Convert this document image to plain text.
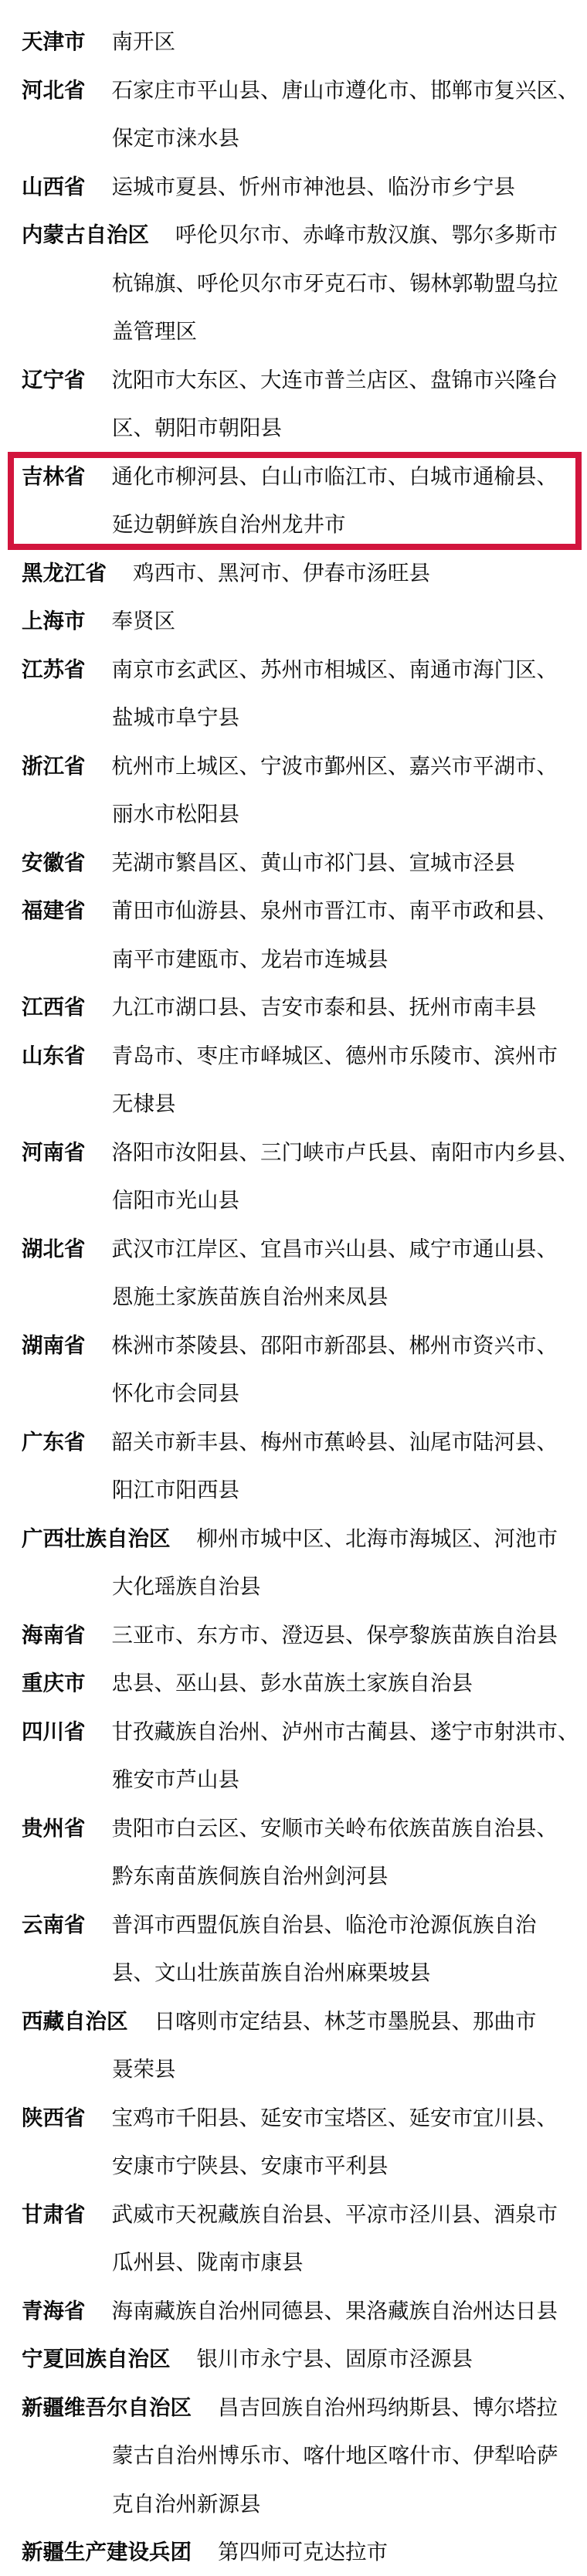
天津市 南开区
河北省 石家庄市平山县、唐山市遵化市、邯郸市复兴区、
保定市涞水县
山西省 运城市夏县、忻州市神池县、临汾市乡宁县
内蒙古自治区 呼伦贝尔市、赤峰市敖汉旗、鄂尔多斯市
杭锦旗、呼伦贝尔市牙克石市、锡林郭勒盟乌拉
盖管理区
辽宁省 沈阳市大东区、大连市普兰店区、盘锦市兴隆台
区、朝阳市朝阳县
吉林省 通化市柳河县、白山市临江市、白城市通榆县、
延边朝鲜族自治州龙井市
黑龙江省 鸡西市、黑河市、伊春市汤旺县
上海市 奉贤区
江苏省 南京市玄武区、苏州市相城区、南通市海门区、
盐城市阜宁县
浙江省 杭州市上城区、宁波市鄞州区、嘉兴市平湖市、
丽水市松阳县
安徽省 芜湖市繁昌区、黄山市祁门县、宣城市泾县
福建省 莆田市仙游县、泉州市晋江市、南平市政和县、
南平市建瓯市、龙岩市连城县
江西省 九江市湖口县、吉安市泰和县、抚州市南丰县
山东省 青岛市、枣庄市峄城区、德州市乐陵市、滨州市
无棣县
河南省 洛阳市汝阳县、三门峡市卢氏县、南阳市内乡县、
信阳市光山县
湖北省 武汉市江岸区、宜昌市兴山县、咸宁市通山县、
恩施土家族苗族自治州来凤县
湖南省 株洲市茶陵县、邵阳市新邵县、郴州市资兴市、
怀化市会同县
广东省 韶关市新丰县、梅州市蕉岭县、汕尾市陆河县、
阳江市阳西县
广西壮族自治区 柳州市城中区、北海市海城区、河池市
大化瑶族自治县
海南省 三亚市、东方市、澄迈县、保亭黎族苗族自治县
重庆市 忠县、巫山县、彭水苗族土家族自治县
四川省 甘孜藏族自治州、泸州市古蔺县、遂宁市射洪市、
雅安市芦山县
贵州省 贵阳市白云区、安顺市关岭布依族苗族自治县、
黔东南苗族侗族自治州剑河县
云南省 普洱市西盟佤族自治县、临沧市沧源佤族自治
县、文山壮族苗族自治州麻栗坡县
西藏自治区 日喀则市定结县、林芝市墨脱县、那曲市
聂荣县
陕西省 宝鸡市千阳县、延安市宝塔区、延安市宜川县、
安康市宁陕县、安康市平利县
甘肃省 武威市天祝藏族自治县、平凉市泾川县、酒泉市
瓜州县、陇南市康县
青海省 海南藏族自治州同德县、果洛藏族自治州达日县
宁夏回族自治区 银川市永宁县、固原市泾源县
新疆维吾尔自治区 昌吉回族自治州玛纳斯县、博尔塔拉
蒙古自治州博乐市、喀什地区喀什市、伊犁哈萨
克自治州新源县
新疆生产建设兵团 第四师可克达拉市
